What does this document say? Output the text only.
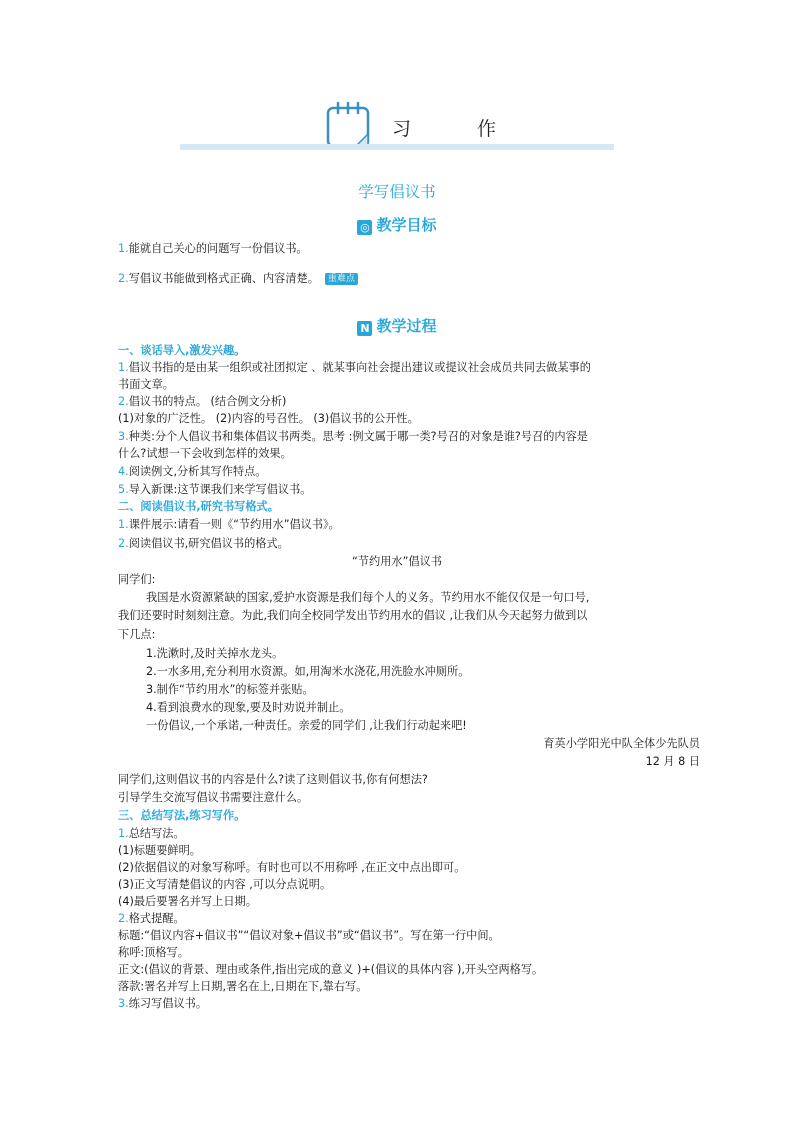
习 作
学写倡议书
◎ 教学目标
1.能就自己关心的问题写一份倡议书。
2.写倡议书能做到格式正确、内容清楚。 重难点
N 教学过程
一、谈话导入,激发兴趣。
1.倡议书指的是由某一组织或社团拟定 、就某事向社会提出建议或提议社会成员共同去做某事的
书面文章。
2.倡议书的特点。 (结合例文分析)
(1)对象的广泛性。 (2)内容的号召性。 (3)倡议书的公开性。
3.种类:分个人倡议书和集体倡议书两类。思考 :例文属于哪一类?号召的对象是谁?号召的内容是
什么?试想一下会收到怎样的效果。
4.阅读例文,分析其写作特点。
5.导入新课:这节课我们来学写倡议书。
二、阅读倡议书,研究书写格式。
1.课件展示:请看一则《“节约用水”倡议书》。
2.阅读倡议书,研究倡议书的格式。
“节约用水”倡议书
同学们:
我国是水资源紧缺的国家,爱护水资源是我们每个人的义务。节约用水不能仅仅是一句口号,
我们还要时时刻刻注意。为此,我们向全校同学发出节约用水的倡议 ,让我们从今天起努力做到以
下几点:
1.洗漱时,及时关掉水龙头。
2.一水多用,充分利用水资源。如,用淘米水浇花,用洗脸水冲厕所。
3.制作“节约用水”的标签并张贴。
4.看到浪费水的现象,要及时劝说并制止。
一份倡议,一个承诺,一种责任。亲爱的同学们 ,让我们行动起来吧!
育英小学阳光中队全体少先队员
12 月 8 日
同学们,这则倡议书的内容是什么?读了这则倡议书,你有何想法?
引导学生交流写倡议书需要注意什么。
三、总结写法,练习写作。
1.总结写法。
(1)标题要鲜明。
(2)依据倡议的对象写称呼。有时也可以不用称呼 ,在正文中点出即可。
(3)正文写清楚倡议的内容 ,可以分点说明。
(4)最后要署名并写上日期。
2.格式提醒。
标题:“倡议内容+倡议书”“倡议对象+倡议书”或“倡议书”。写在第一行中间。
称呼:顶格写。
正文:(倡议的背景、理由或条件,指出完成的意义 )+(倡议的具体内容 ),开头空两格写。
落款:署名并写上日期,署名在上,日期在下,靠右写。
3.练习写倡议书。
